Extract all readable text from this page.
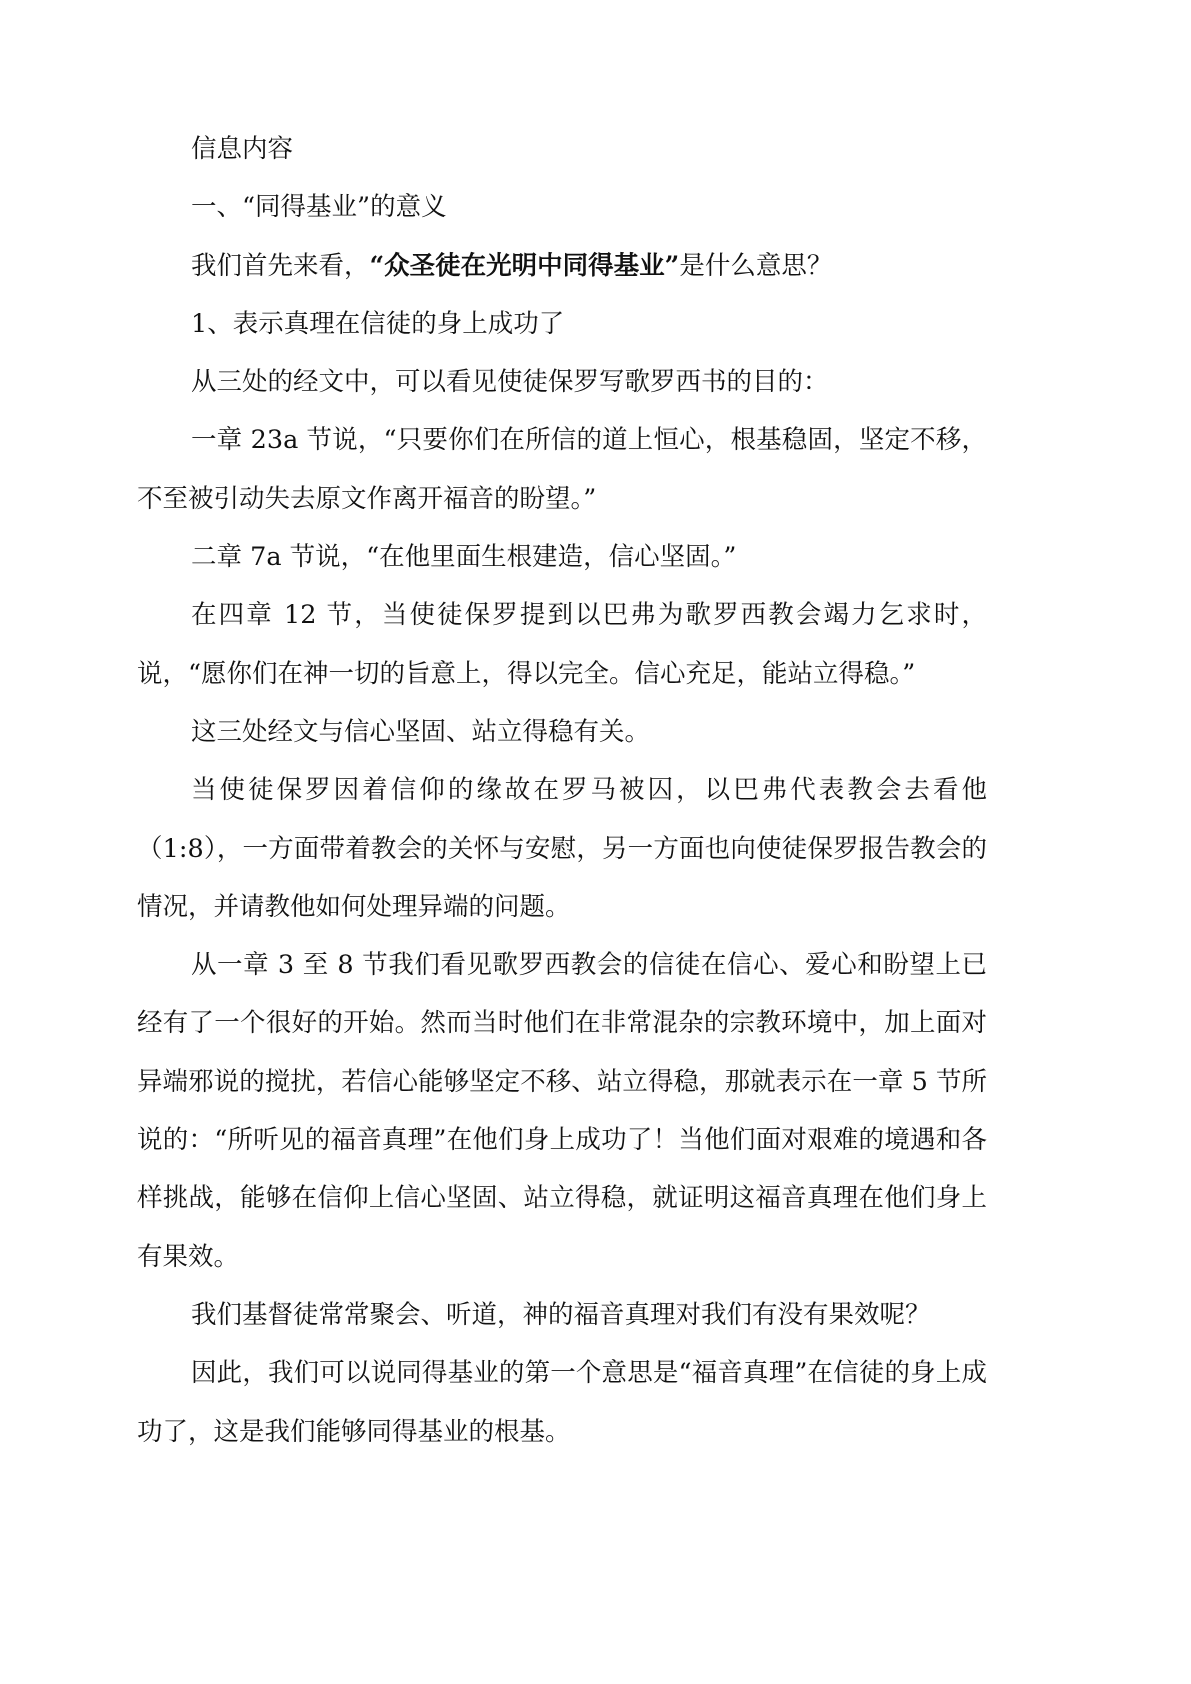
信息内容

一、“同得基业”的意义

我们首先来看，“众圣徒在光明中同得基业”是什么意思？

1、表示真理在信徒的身上成功了

从三处的经文中，可以看见使徒保罗写歌罗西书的目的：

一章 23a 节说，“只要你们在所信的道上恒心，根基稳固，坚定不移，不至被引动失去原文作离开福音的盼望。”

二章 7a 节说，“在他里面生根建造，信心坚固。”

在四章 12 节，当使徒保罗提到以巴弗为歌罗西教会竭力乞求时，说，“愿你们在神一切的旨意上，得以完全。信心充足，能站立得稳。”

这三处经文与信心坚固、站立得稳有关。

当使徒保罗因着信仰的缘故在罗马被囚，以巴弗代表教会去看他（1:8），一方面带着教会的关怀与安慰，另一方面也向使徒保罗报告教会的情况，并请教他如何处理异端的问题。

从一章 3 至 8 节我们看见歌罗西教会的信徒在信心、爱心和盼望上已经有了一个很好的开始。然而当时他们在非常混杂的宗教环境中，加上面对异端邪说的搅扰，若信心能够坚定不移、站立得稳，那就表示在一章 5 节所说的：“所听见的福音真理”在他们身上成功了！当他们面对艰难的境遇和各样挑战，能够在信仰上信心坚固、站立得稳，就证明这福音真理在他们身上有果效。

我们基督徒常常聚会、听道，神的福音真理对我们有没有果效呢？

因此，我们可以说同得基业的第一个意思是“福音真理”在信徒的身上成功了，这是我们能够同得基业的根基。
